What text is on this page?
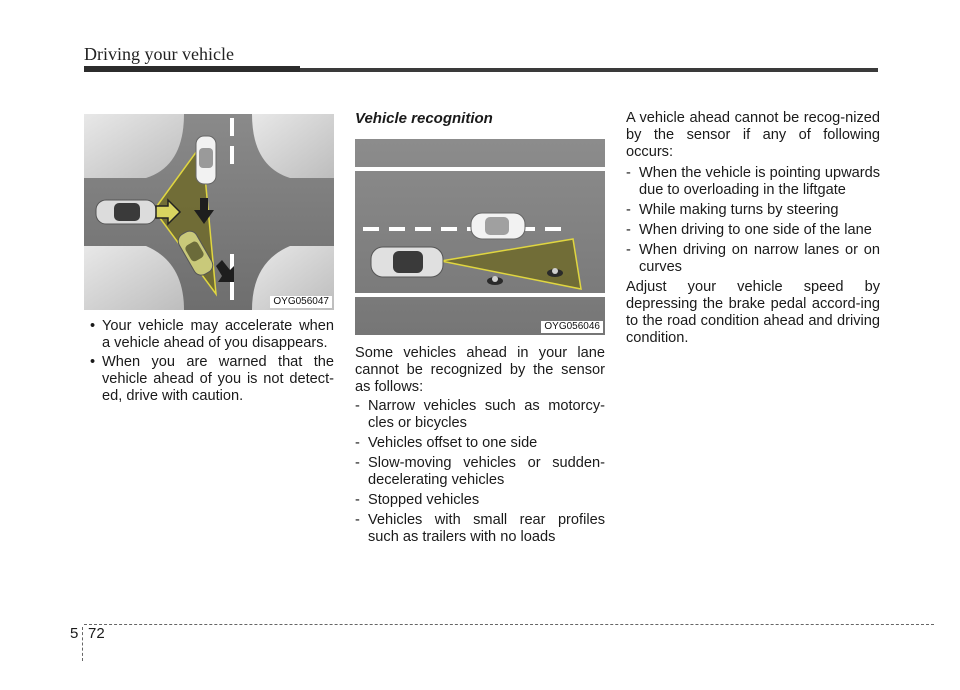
Driving your vehicle
OYG056047
• Your vehicle may accelerate when a vehicle ahead of you disappears.
• When you are warned that the vehicle ahead of you is not detect-ed, drive with caution.
Vehicle recognition
OYG056046

Some vehicles ahead in your lane cannot be recognized by the sensor as follows:

- Narrow vehicles such as motorcy-cles or bicycles
- Vehicles offset to one side
- Slow-moving vehicles or sudden-decelerating vehicles
- Stopped vehicles
- Vehicles with small rear profiles such as trailers with no loads

A vehicle ahead cannot be recog-nized by the sensor if any of following occurs:

- When the vehicle is pointing upwards due to overloading in the liftgate
- While making turns by steering
- When driving to one side of the lane
- When driving on narrow lanes or on curves

Adjust your vehicle speed by depressing the brake pedal accord-ing to the road condition ahead and driving condition.

5 72
